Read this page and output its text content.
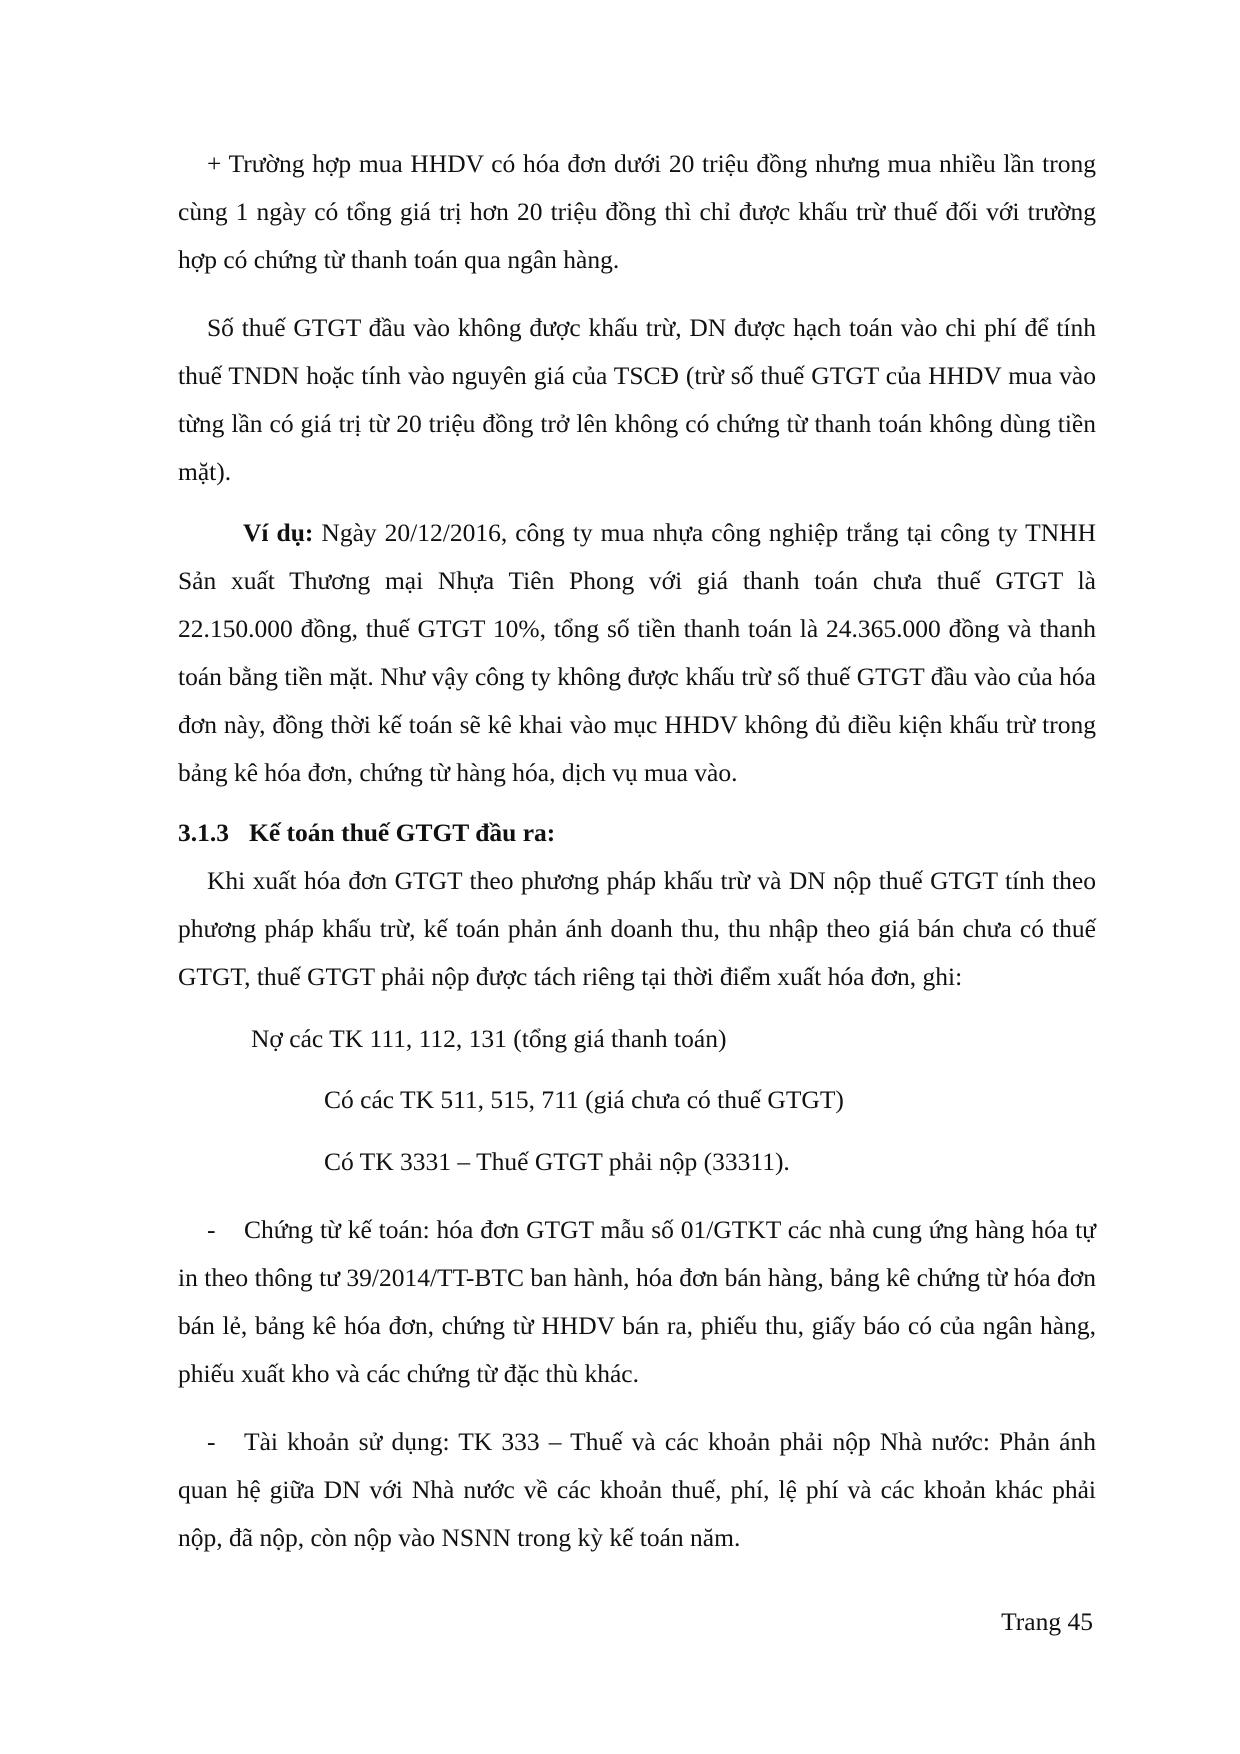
+ Trường hợp mua HHDV có hóa đơn dưới 20 triệu đồng nhưng mua nhiều lần trong cùng 1 ngày có tổng giá trị hơn 20 triệu đồng thì chỉ được khấu trừ thuế đối với trường hợp có chứng từ thanh toán qua ngân hàng.

Số thuế GTGT đầu vào không được khấu trừ, DN được hạch toán vào chi phí để tính thuế TNDN hoặc tính vào nguyên giá của TSCĐ (trừ số thuế GTGT của HHDV mua vào từng lần có giá trị từ 20 triệu đồng trở lên không có chứng từ thanh toán không dùng tiền mặt).

Ví dụ: Ngày 20/12/2016, công ty mua nhựa công nghiệp trắng tại công ty TNHH Sản xuất Thương mại Nhựa Tiên Phong với giá thanh toán chưa thuế GTGT là 22.150.000 đồng, thuế GTGT 10%, tổng số tiền thanh toán là 24.365.000 đồng và thanh toán bằng tiền mặt. Như vậy công ty không được khấu trừ số thuế GTGT đầu vào của hóa đơn này, đồng thời kế toán sẽ kê khai vào mục HHDV không đủ điều kiện khấu trừ trong bảng kê hóa đơn, chứng từ hàng hóa, dịch vụ mua vào.

3.1.3 Kế toán thuế GTGT đầu ra:

Khi xuất hóa đơn GTGT theo phương pháp khấu trừ và DN nộp thuế GTGT tính theo phương pháp khấu trừ, kế toán phản ánh doanh thu, thu nhập theo giá bán chưa có thuế GTGT, thuế GTGT phải nộp được tách riêng tại thời điểm xuất hóa đơn, ghi:

Nợ các TK 111, 112, 131 (tổng giá thanh toán)

Có các TK 511, 515, 711 (giá chưa có thuế GTGT)

Có TK 3331 – Thuế GTGT phải nộp (33311).

- Chứng từ kế toán: hóa đơn GTGT mẫu số 01/GTKT các nhà cung ứng hàng hóa tự in theo thông tư 39/2014/TT-BTC ban hành, hóa đơn bán hàng, bảng kê chứng từ hóa đơn bán lẻ, bảng kê hóa đơn, chứng từ HHDV bán ra, phiếu thu, giấy báo có của ngân hàng, phiếu xuất kho và các chứng từ đặc thù khác.

- Tài khoản sử dụng: TK 333 – Thuế và các khoản phải nộp Nhà nước: Phản ánh quan hệ giữa DN với Nhà nước về các khoản thuế, phí, lệ phí và các khoản khác phải nộp, đã nộp, còn nộp vào NSNN trong kỳ kế toán năm.

Trang 45
